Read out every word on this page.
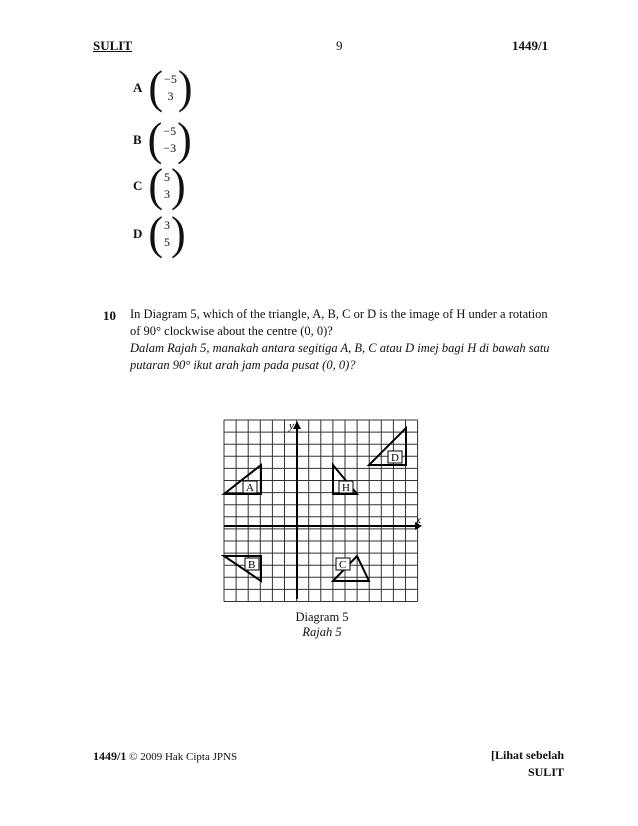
SULIT	9	1449/1
A ( −5
3 )
B ( −5
−3 )
C ( 5
3 )
D ( 3
5 )
10 In Diagram 5, which of the triangle, A, B, C or D is the image of H under a rotation

of 90° clockwise about the centre (0, 0)?

Dalam Rajah 5, manakah antara segitiga A, B, C atau D imej bagi H di bawah satu

putaran 90° ikut arah jam pada pusat (0, 0)?

x
y
A	H
D
B	C
Diagram 5
Rajah 5
1449/1 © 2009 Hak Cipta JPNS	[Lihat sebelah
SULIT
